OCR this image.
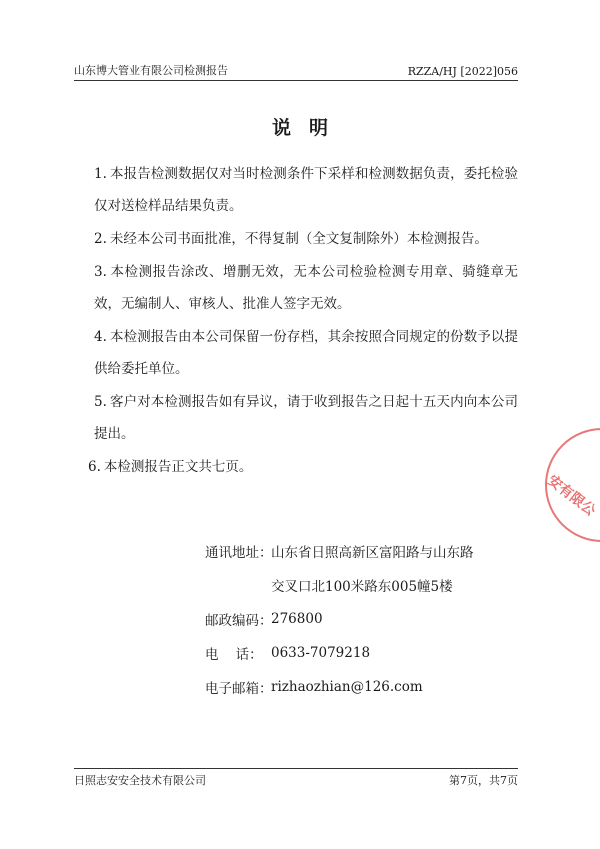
山东博大管业有限公司检测报告	RZZA/HJ [2022]056
说明
1. 本报告检测数据仅对当时检测条件下采样和检测数据负责，委托检验仅对送检样品结果负责。
2. 未经本公司书面批准，不得复制（全文复制除外）本检测报告。
3. 本检测报告涂改、增删无效，无本公司检验检测专用章、骑缝章无效，无编制人、审核人、批准人签字无效。
4. 本检测报告由本公司保留一份存档，其余按照合同规定的份数予以提供给委托单位。
5. 客户对本检测报告如有异议，请于收到报告之日起十五天内向本公司提出。
6. 本检测报告正文共七页。
安有限公
通讯地址：
山东省日照高新区富阳路与山东路
交叉口北100米路东005幢5楼
邮政编码：
276800
电    话： 0633-7079218
电子邮箱：
rizhaozhian@126.com
日照志安安全技术有限公司	第7页，共7页
